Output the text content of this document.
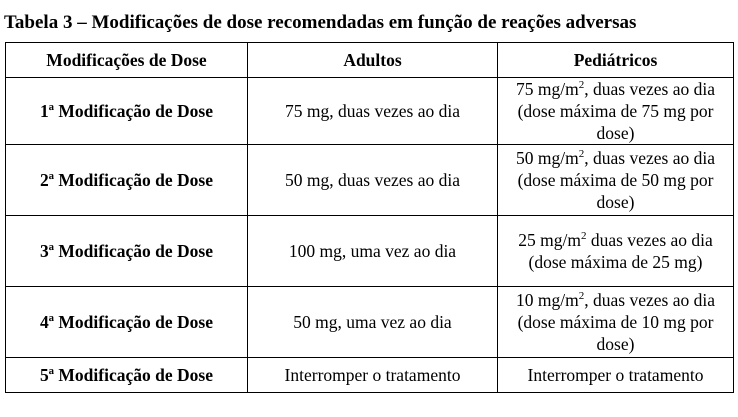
Tabela 3 – Modificações de dose recomendadas em função de reações adversas
Modificações de Dose	Adultos	Pediátricos
1ª Modificação de Dose	75 mg, duas vezes ao dia	75 $mg/m^2$, duas vezes ao dia (dose máxima de 75 mg por dose)
2ª Modificação de Dose	50 mg, duas vezes ao dia	50 $mg/m^2$, duas vezes ao dia (dose máxima de 50 mg por dose)
3ª Modificação de Dose	100 mg, uma vez ao dia	25 $mg/m^2$ duas vezes ao dia (dose máxima de 25 mg)
4ª Modificação de Dose	50 mg, uma vez ao dia	10 $mg/m^2$, duas vezes ao dia (dose máxima de 10 mg por dose)
5ª Modificação de Dose	Interromper o tratamento	Interromper o tratamento
